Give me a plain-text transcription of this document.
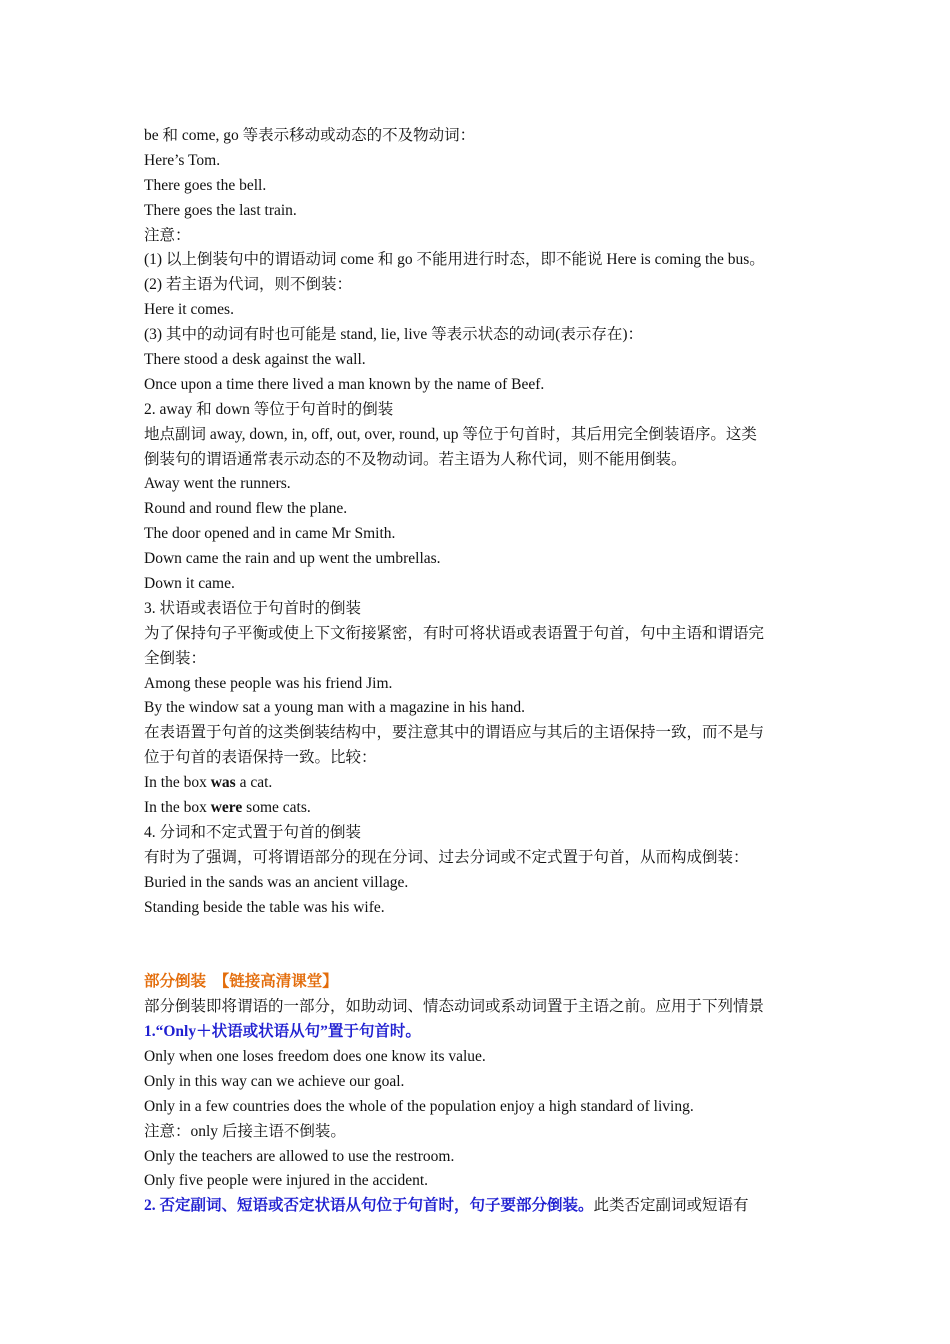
be 和 come, go 等表示移动或动态的不及物动词：
Here’s Tom.
There goes the bell.
There goes the last train.
注意：
(1) 以上倒装句中的谓语动词 come 和 go 不能用进行时态，即不能说 Here is coming the bus。
(2) 若主语为代词，则不倒装：
Here it comes.
(3) 其中的动词有时也可能是 stand, lie, live 等表示状态的动词(表示存在)：
There stood a desk against the wall.
Once upon a time there lived a man known by the name of Beef.
2. away 和 down 等位于句首时的倒装
地点副词 away, down, in, off, out, over, round, up 等位于句首时，其后用完全倒装语序。这类
倒装句的谓语通常表示动态的不及物动词。若主语为人称代词，则不能用倒装。
Away went the runners.
Round and round flew the plane.
The door opened and in came Mr Smith.
Down came the rain and up went the umbrellas.
Down it came.
3. 状语或表语位于句首时的倒装
为了保持句子平衡或使上下文衔接紧密，有时可将状语或表语置于句首，句中主语和谓语完
全倒装：
Among these people was his friend Jim.
By the window sat a young man with a magazine in his hand.
在表语置于句首的这类倒装结构中，要注意其中的谓语应与其后的主语保持一致，而不是与
位于句首的表语保持一致。比较：
In the box was a cat.
In the box were some cats.
4. 分词和不定式置于句首的倒装
有时为了强调，可将谓语部分的现在分词、过去分词或不定式置于句首，从而构成倒装：
Buried in the sands was an ancient village.
Standing beside the table was his wife.
部分倒装　【链接高清课堂】
部分倒装即将谓语的一部分，如助动词、情态动词或系动词置于主语之前。应用于下列情景
1.“Only＋状语或状语从句”置于句首时。
Only when one loses freedom does one know its value.
Only in this way can we achieve our goal.
Only in a few countries does the whole of the population enjoy a high standard of living.
注意：only 后接主语不倒装。
Only the teachers are allowed to use the restroom.
Only five people were injured in the accident.
2. 否定副词、短语或否定状语从句位于句首时，句子要部分倒装。此类否定副词或短语有
